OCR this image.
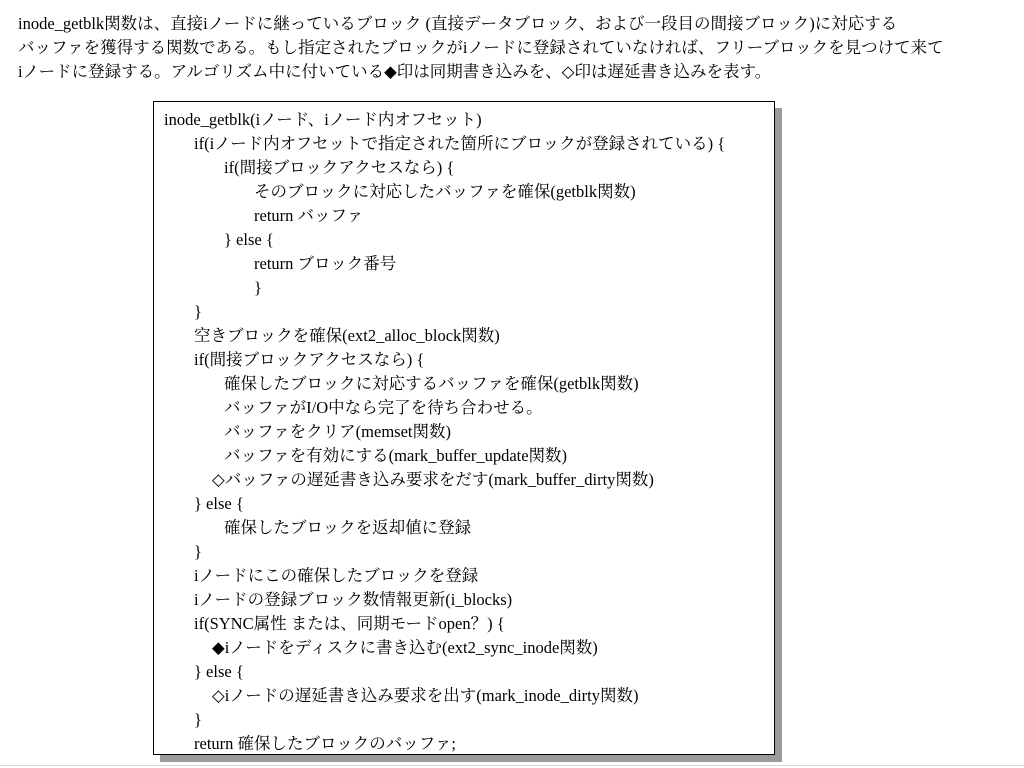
inode_getblk関数は、直接iノードに継っているブロック (直接データブロック、および一段目の間接ブロック)に対応する
バッファを獲得する関数である。もし指定されたブロックがiノードに登録されていなければ、フリーブロックを見つけて来て
iノードに登録する。アルゴリズム中に付いている◆印は同期書き込みを、◇印は遅延書き込みを表す。
inode_getblk(iノード、iノード内オフセット)
if(iノード内オフセットで指定された箇所にブロックが登録されている) {
if(間接ブロックアクセスなら) {
そのブロックに対応したバッファを確保(getblk関数)
return バッファ
} else {
return ブロック番号
}
}
空きブロックを確保(ext2_alloc_block関数)
if(間接ブロックアクセスなら) {
確保したブロックに対応するバッファを確保(getblk関数)
バッファがI/O中なら完了を待ち合わせる。
バッファをクリア(memset関数)
バッファを有効にする(mark_buffer_update関数)
◇バッファの遅延書き込み要求をだす(mark_buffer_dirty関数)
} else {
確保したブロックを返却値に登録
}
iノードにこの確保したブロックを登録
iノードの登録ブロック数情報更新(i_blocks)
if(SYNC属性 または、同期モードopen？) {
◆iノードをディスクに書き込む(ext2_sync_inode関数)
} else {
◇iノードの遅延書き込み要求を出す(mark_inode_dirty関数)
}
return 確保したブロックのバッファ;
